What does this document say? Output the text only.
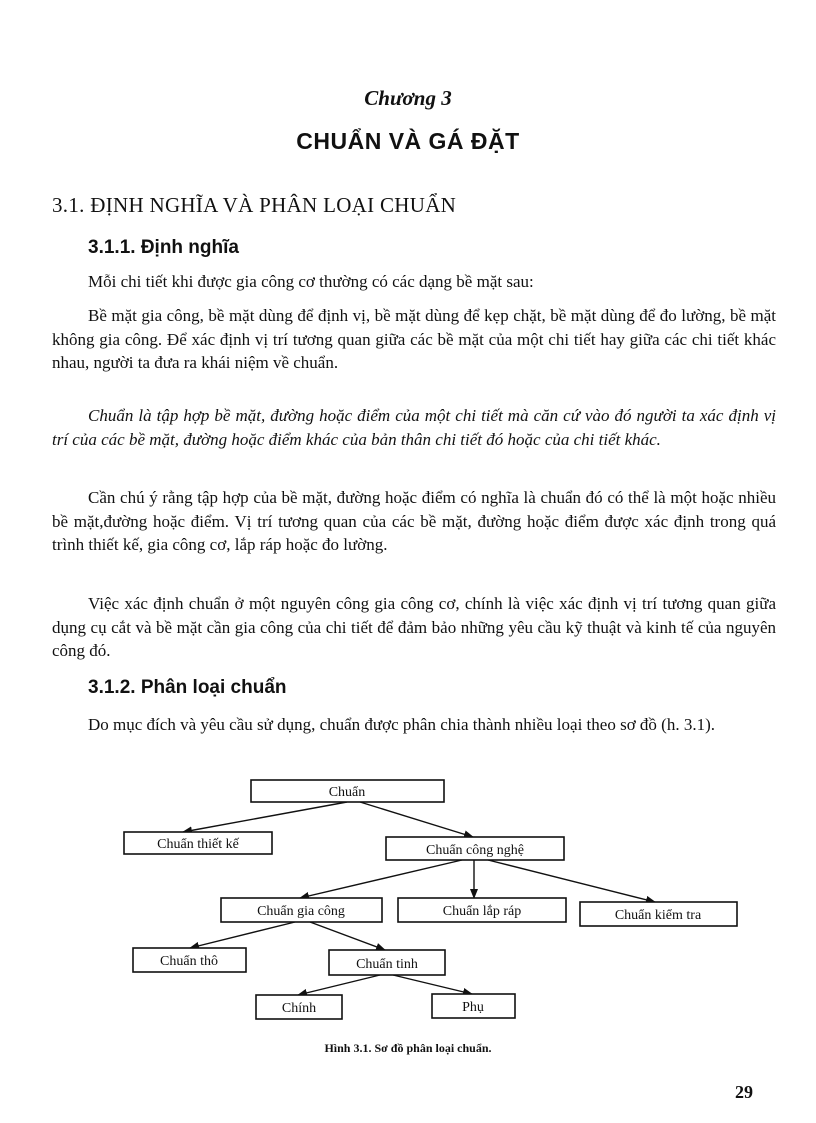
Chương 3
CHUẨN VÀ GÁ ĐẶT
3.1. ĐỊNH NGHĨA VÀ PHÂN LOẠI CHUẨN
3.1.1. Định nghĩa

Mỗi chi tiết khi được gia công cơ thường có các dạng bề mặt sau:

Bề mặt gia công, bề mặt dùng để định vị, bề mặt dùng để kẹp chặt, bề mặt dùng để đo lường, bề mặt không gia công. Để xác định vị trí tương quan giữa các bề mặt của một chi tiết hay giữa các chi tiết khác nhau, người ta đưa ra khái niệm về chuẩn.

Chuẩn là tập hợp bề mặt, đường hoặc điểm của một chi tiết mà căn cứ vào đó người ta xác định vị trí của các bề mặt, đường hoặc điểm khác của bản thân chi tiết đó hoặc của chi tiết khác.

Cần chú ý rằng tập hợp của bề mặt, đường hoặc điểm có nghĩa là chuẩn đó có thể là một hoặc nhiều bề mặt,đường hoặc điểm. Vị trí tương quan của các bề mặt, đường hoặc điểm được xác định trong quá trình thiết kế, gia công cơ, lắp ráp hoặc đo lường.

Việc xác định chuẩn ở một nguyên công gia công cơ, chính là việc xác định vị trí tương quan giữa dụng cụ cắt và bề mặt cần gia công của chi tiết để đảm bảo những yêu cầu kỹ thuật và kinh tế của nguyên công đó.

3.1.2. Phân loại chuẩn

Do mục đích và yêu cầu sử dụng, chuẩn được phân chia thành nhiều loại theo sơ đồ (h. 3.1).

Chuẩn
Chuẩn thiết kế	Chuẩn công nghệ
Chuẩn gia công	Chuẩn lắp ráp	Chuẩn kiểm tra
Chuẩn thô	Chuẩn tinh
Chính	Phụ
Hình 3.1. Sơ đồ phân loại chuẩn.
29
